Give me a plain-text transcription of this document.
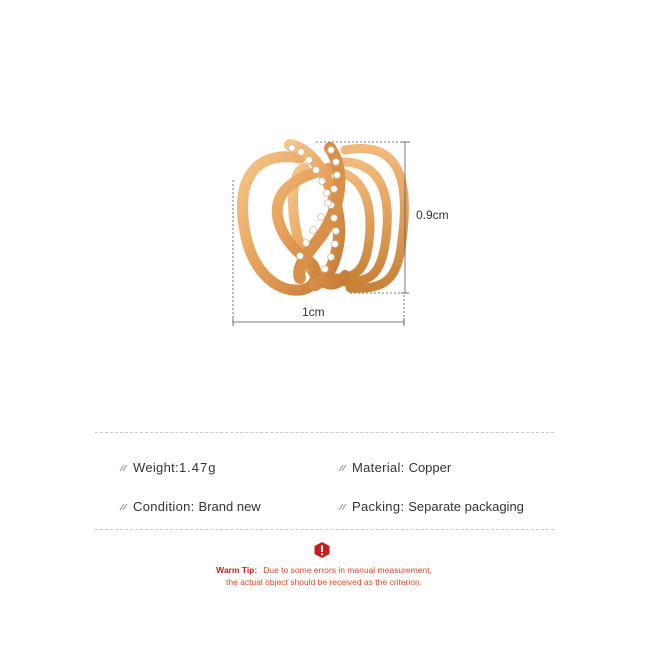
0.9cm
1cm
Weight: 1.47g	Material: Copper
Condition: Brand new	Packing: Separate packaging
Warm Tip: Due to some errors in manual measurement,
the actual object should be received as the criterion.
